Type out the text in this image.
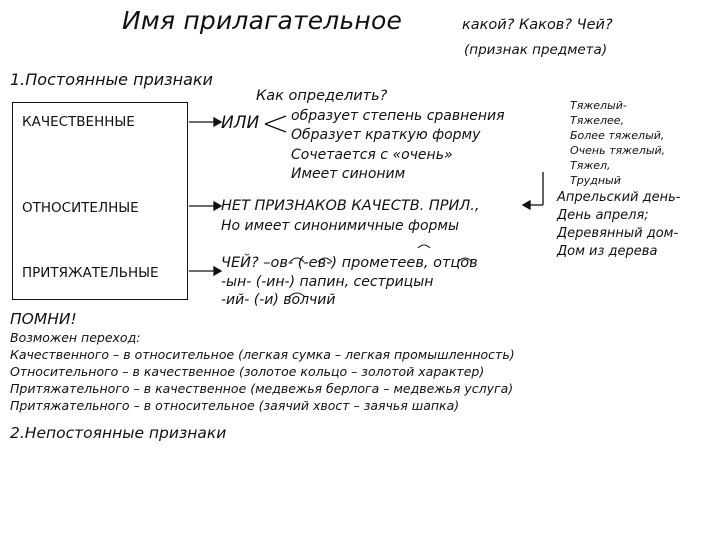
Имя прилагательное	какой? Каков? Чей?
(признак предмета)
1.Постоянные признаки
КАЧЕСТВЕННЫЕ
ОТНОСИТЕЛНЫЕ
ПРИТЯЖАТЕЛЬНЫЕ
Как определить?
ИЛИ образует степень сравнения
Образует краткую форму
Сочетается с «очень»
Имеет синоним
НЕТ ПРИЗНАКОВ КАЧЕСТВ. ПРИЛ.,
Но имеет синонимичные формы
ЧЕЙ? –ов- (-ев-) прометеев, отцов
-ын- (-ин-) папин, сестрицын
-ий- (-и) волчий
Тяжелый-
Тяжелее,
Более тяжелый,
Очень тяжелый,
Тяжел,
Трудный
Апрельский день-
День апреля;
Деревянный дом-
Дом из дерева
ПОМНИ!
Возможен переход:
Качественного – в относительное (легкая сумка – легкая промышленность)
Относительного – в качественное (золотое кольцо – золотой характер)
Притяжательного – в качественное (медвежья берлога – медвежья услуга)
Притяжательного – в относительное (заячий хвост – заячья шапка)
2.Непостоянные признаки
